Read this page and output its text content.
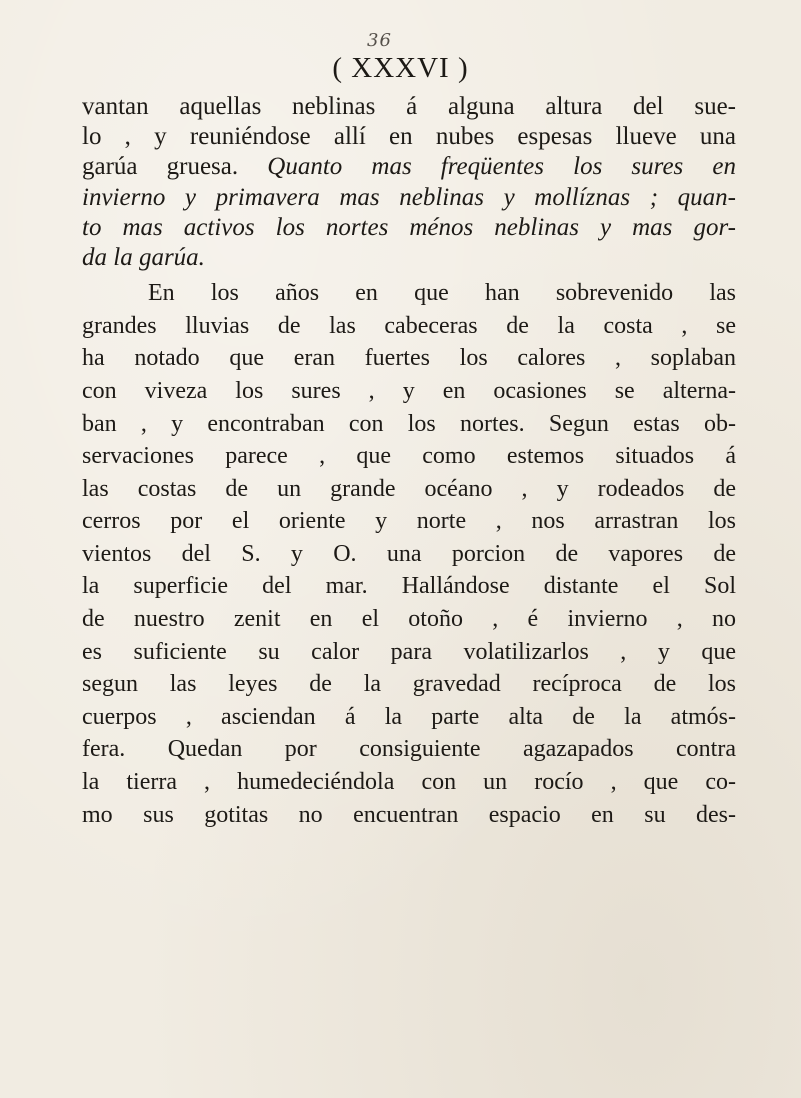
36
( XXXVI )
vantan aquellas neblinas á alguna altura del sue-
lo , y reuniéndose allí en nubes espesas llueve una
garúa gruesa. Quanto mas freqüentes los sures en
invierno y primavera mas neblinas y mollíznas ; quan-
to mas activos los nortes ménos neblinas y mas gor-
da la garúa.
En los años en que han sobrevenido las
grandes lluvias de las cabeceras de la costa , se
ha notado que eran fuertes los calores , soplaban
con viveza los sures , y en ocasiones se alterna-
ban , y encontraban con los nortes. Segun estas ob-
servaciones parece , que como estemos situados á
las costas de un grande océano , y rodeados de
cerros por el oriente y norte , nos arrastran los
vientos del S. y O. una porcion de vapores de
la superficie del mar. Hallándose distante el Sol
de nuestro zenit en el otoño , é invierno , no
es suficiente su calor para volatilizarlos , y que
segun las leyes de la gravedad recíproca de los
cuerpos , asciendan á la parte alta de la atmós-
fera. Quedan por consiguiente agazapados contra
la tierra , humedeciéndola con un rocío , que co-
mo sus gotitas no encuentran espacio en su des-
